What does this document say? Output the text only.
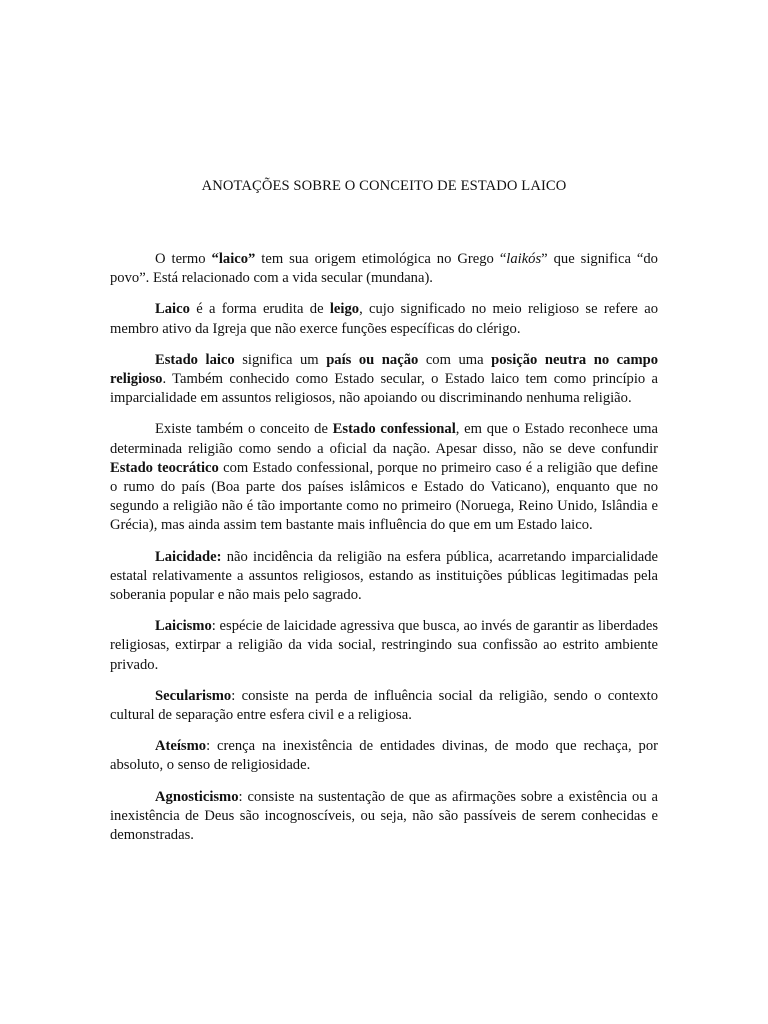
ANOTAÇÕES SOBRE O CONCEITO DE ESTADO LAICO

O termo “laico” tem sua origem etimológica no Grego “laikós” que significa “do povo”. Está relacionado com a vida secular (mundana).

Laico é a forma erudita de leigo, cujo significado no meio religioso se refere ao membro ativo da Igreja que não exerce funções específicas do clérigo.

Estado laico significa um país ou nação com uma posição neutra no campo religioso. Também conhecido como Estado secular, o Estado laico tem como princípio a imparcialidade em assuntos religiosos, não apoiando ou discriminando nenhuma religião.

Existe também o conceito de Estado confessional, em que o Estado reconhece uma determinada religião como sendo a oficial da nação. Apesar disso, não se deve confundir Estado teocrático com Estado confessional, porque no primeiro caso é a religião que define o rumo do país (Boa parte dos países islâmicos e Estado do Vaticano), enquanto que no segundo a religião não é tão importante como no primeiro (Noruega, Reino Unido, Islândia e Grécia), mas ainda assim tem bastante mais influência do que em um Estado laico.

Laicidade: não incidência da religião na esfera pública, acarretando imparcialidade estatal relativamente a assuntos religiosos, estando as instituições públicas legitimadas pela soberania popular e não mais pelo sagrado.

Laicismo: espécie de laicidade agressiva que busca, ao invés de garantir as liberdades religiosas, extirpar a religião da vida social, restringindo sua confissão ao estrito ambiente privado.

Secularismo: consiste na perda de influência social da religião, sendo o contexto cultural de separação entre esfera civil e a religiosa.

Ateísmo: crença na inexistência de entidades divinas, de modo que rechaça, por absoluto, o senso de religiosidade.

Agnosticismo: consiste na sustentação de que as afirmações sobre a existência ou a inexistência de Deus são incognoscíveis, ou seja, não são passíveis de serem conhecidas e demonstradas.
